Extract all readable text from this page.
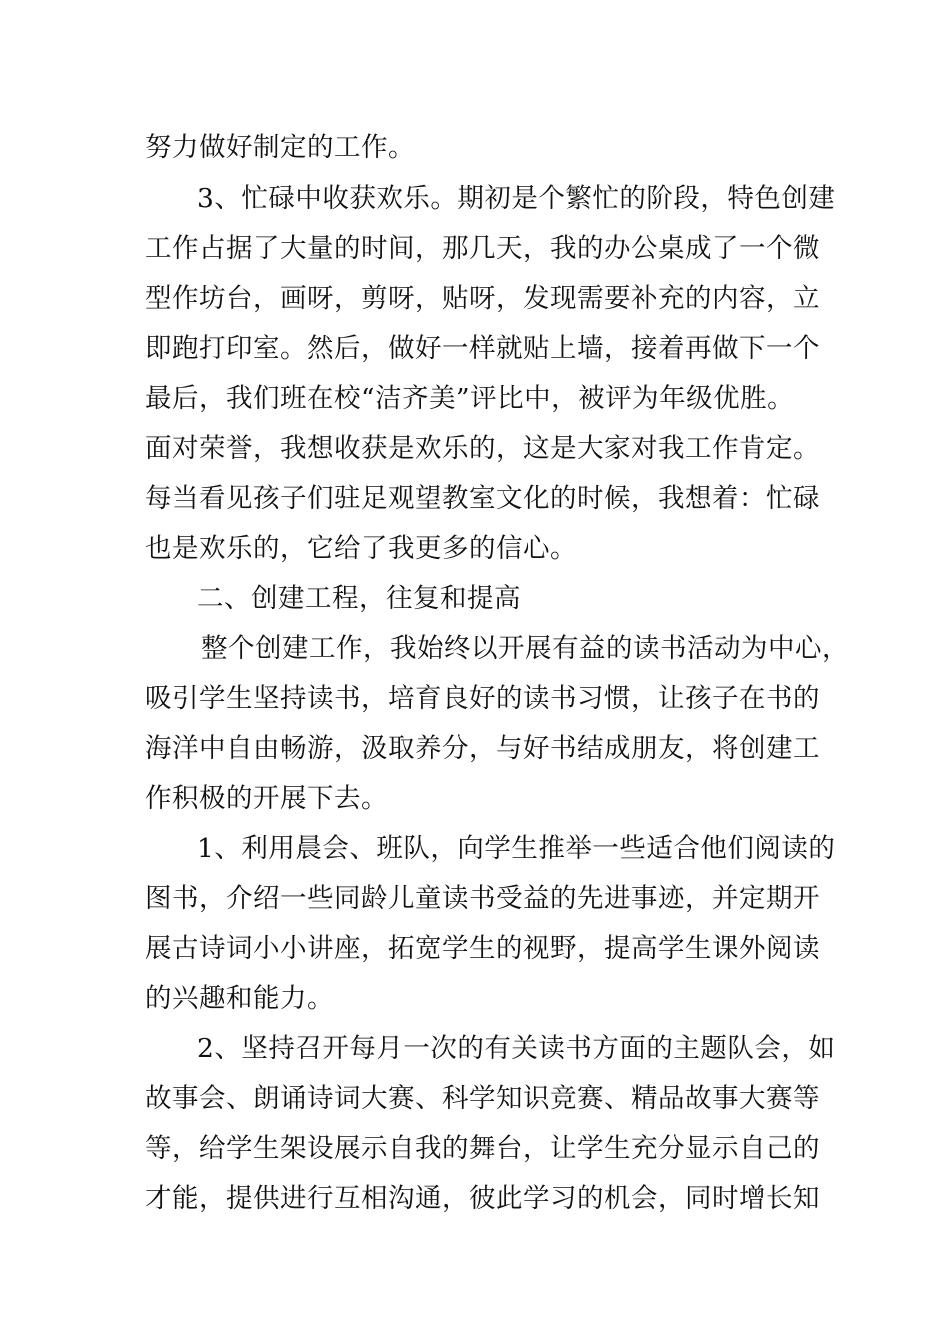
努力做好制定的工作。
3、忙碌中收获欢乐。期初是个繁忙的阶段，特色创建
工作占据了大量的时间，那几天，我的办公桌成了一个微
型作坊台，画呀，剪呀，贴呀，发现需要补充的内容，立
即跑打印室。然后，做好一样就贴上墙，接着再做下一个
最后，我们班在校“洁齐美”评比中，被评为年级优胜。
面对荣誉，我想收获是欢乐的，这是大家对我工作肯定。
每当看见孩子们驻足观望教室文化的时候，我想着：忙碌
也是欢乐的，它给了我更多的信心。
二、创建工程，往复和提高
整个创建工作，我始终以开展有益的读书活动为中心，
吸引学生坚持读书，培育良好的读书习惯，让孩子在书的
海洋中自由畅游，汲取养分，与好书结成朋友，将创建工
作积极的开展下去。
1、利用晨会、班队，向学生推举一些适合他们阅读的
图书，介绍一些同龄儿童读书受益的先进事迹，并定期开
展古诗词小小讲座，拓宽学生的视野，提高学生课外阅读
的兴趣和能力。
2、坚持召开每月一次的有关读书方面的主题队会，如
故事会、朗诵诗词大赛、科学知识竞赛、精品故事大赛等
等，给学生架设展示自我的舞台，让学生充分显示自己的
才能，提供进行互相沟通，彼此学习的机会，同时增长知
